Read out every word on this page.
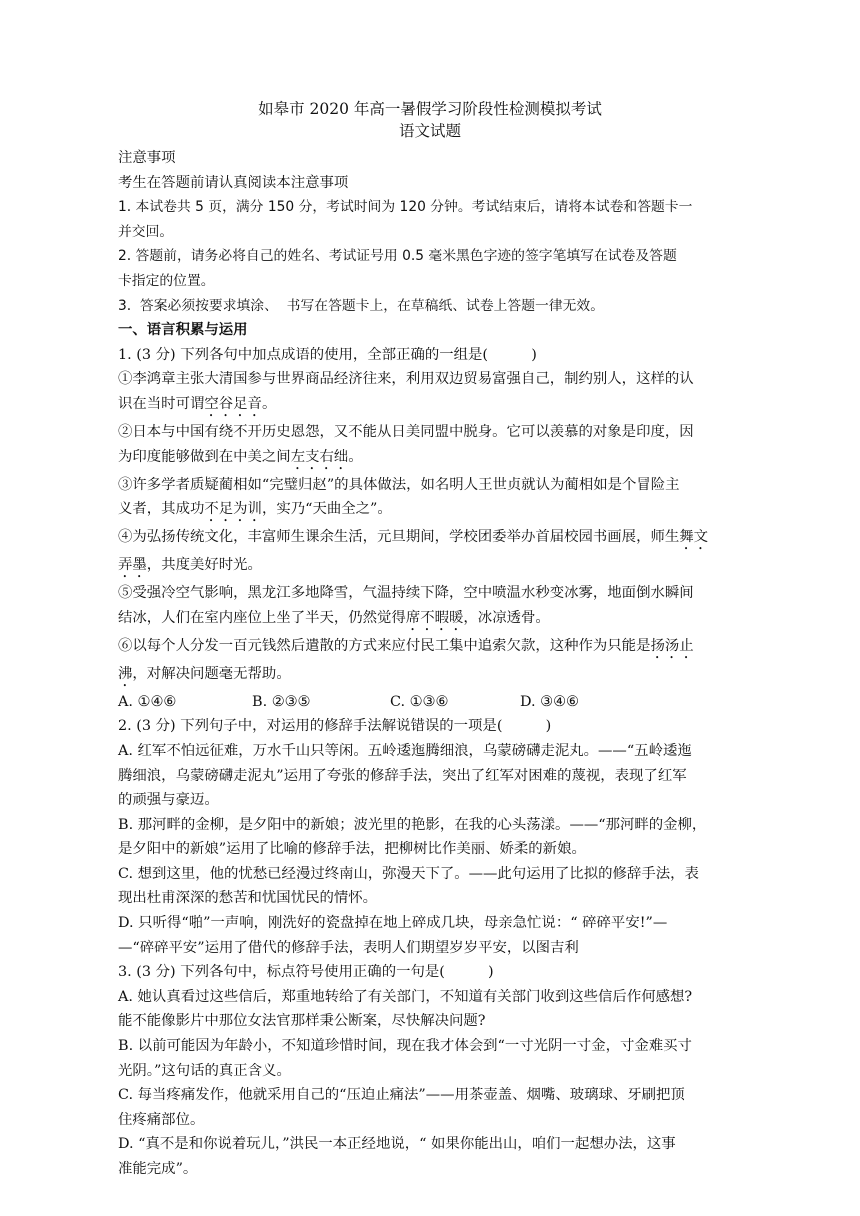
如皋市 2020 年高一暑假学习阶段性检测模拟考试
语文试题
注意事项
考生在答题前请认真阅读本注意事项
1. 本试卷共 5 页，满分 150 分，考试时间为 120 分钟。考试结束后，请将本试卷和答题卡一
并交回。
2. 答题前，请务必将自己的姓名、考试证号用 0.5 毫米黑色字迹的签字笔填写在试卷及答题
卡指定的位置。
3.  答案必须按要求填涂、  书写在答题卡上，在草稿纸、试卷上答题一律无效。
一、语言积累与运用
1. (3 分) 下列各句中加点成语的使用，全部正确的一组是(　　　)
①李鸿章主张大清国参与世界商品经济往来，利用双边贸易富强自己，制约别人，这样的认
识在当时可谓空谷足音。
②日本与中国有绕不开历史恩怨，又不能从日美同盟中脱身。它可以羡慕的对象是印度，因
为印度能够做到在中美之间左支右绌。
③许多学者质疑蔺相如“完璧归赵”的具体做法，如名明人王世贞就认为蔺相如是个冒险主
义者，其成功不足为训，实乃“天曲全之”。
④为弘扬传统文化，丰富师生课余生活，元旦期间，学校团委举办首届校园书画展，师生舞文
弄墨，共度美好时光。
⑤受强冷空气影响，黑龙江多地降雪，气温持续下降，空中喷温水秒变冰雾，地面倒水瞬间
结冰，人们在室内座位上坐了半天，仍然觉得席不暇暖，冰凉透骨。
⑥以每个人分发一百元钱然后遣散的方式来应付民工集中追索欠款，这种作为只能是扬汤止
沸，对解决问题毫无帮助。
A. ①④⑥	B. ②③⑤	C. ①③⑥	D. ③④⑥
2. (3 分) 下列句子中，对运用的修辞手法解说错误的一项是(　　　)
A. 红军不怕远征难，万水千山只等闲。五岭逶迤腾细浪，乌蒙磅礴走泥丸。——“五岭逶迤
腾细浪，乌蒙磅礴走泥丸”运用了夸张的修辞手法，突出了红军对困难的蔑视，表现了红军
的顽强与豪迈。
B. 那河畔的金柳，是夕阳中的新娘；波光里的艳影，在我的心头荡漾。——“那河畔的金柳，
是夕阳中的新娘”运用了比喻的修辞手法，把柳树比作美丽、娇柔的新娘。
C. 想到这里，他的忧愁已经漫过终南山，弥漫天下了。——此句运用了比拟的修辞手法，表
现出杜甫深深的愁苦和忧国忧民的情怀。
D. 只听得“啪”一声响，刚洗好的瓷盘掉在地上碎成几块，母亲急忙说：“ 碎碎平安!”—
—“碎碎平安”运用了借代的修辞手法，表明人们期望岁岁平安，以图吉利
3. (3 分) 下列各句中，标点符号使用正确的一句是(　　　)
A. 她认真看过这些信后，郑重地转给了有关部门，不知道有关部门收到这些信后作何感想?
能不能像影片中那位女法官那样秉公断案，尽快解决问题?
B. 以前可能因为年龄小，不知道珍惜时间，现在我才体会到“一寸光阴一寸金，寸金难买寸
光阴。”这句话的真正含义。
C. 每当疼痛发作，他就采用自己的“压迫止痛法”——用茶壶盖、烟嘴、玻璃球、牙刷把顶
住疼痛部位。
D. “真不是和你说着玩儿，”洪民一本正经地说，“ 如果你能出山，咱们一起想办法，这事
准能完成”。
